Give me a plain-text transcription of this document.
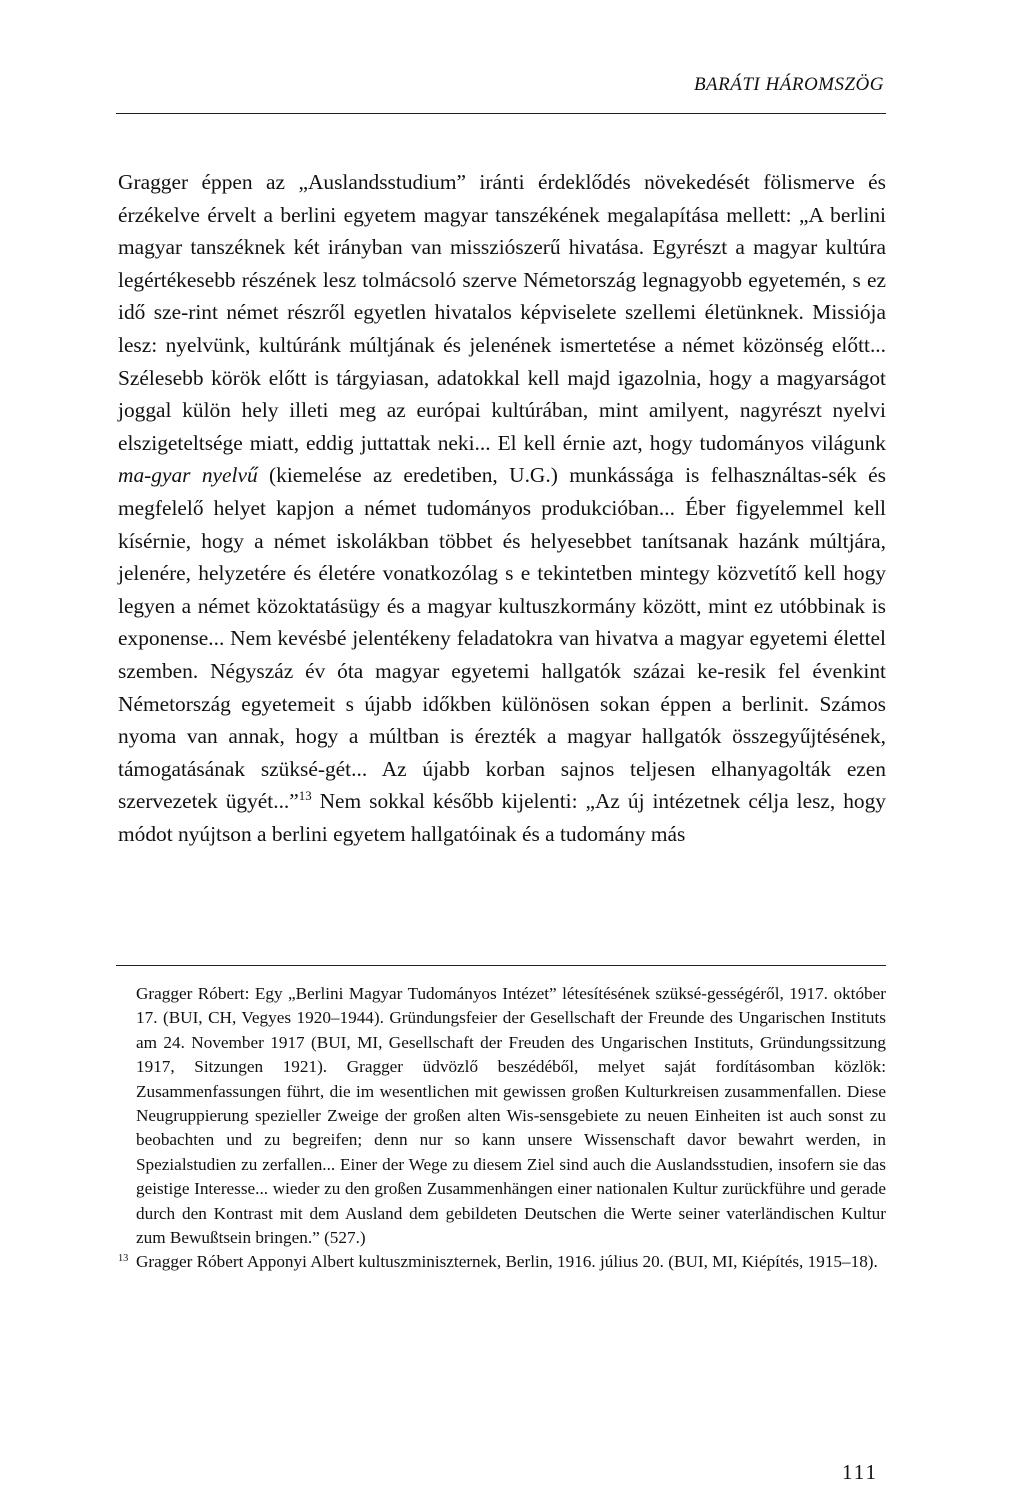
BARÁTI HÁROMSZÖG

Gragger éppen az „Auslandsstudium” iránti érdeklődés növekedését fölismerve és érzékelve érvelt a berlini egyetem magyar tanszékének megalapítása mellett: „A berlini magyar tanszéknek két irányban van missziószerű hivatása. Egyrészt a magyar kultúra legértékesebb részének lesz tolmácsoló szerve Németország legnagyobb egyetemén, s ez idő sze-rint német részről egyetlen hivatalos képviselete szellemi életünknek. Missiója lesz: nyelvünk, kultúránk múltjának és jelenének ismertetése a német közönség előtt... Szélesebb körök előtt is tárgyiasan, adatokkal kell majd igazolnia, hogy a magyarságot joggal külön hely illeti meg az európai kultúrában, mint amilyent, nagyrészt nyelvi elszigeteltsége miatt, eddig juttattak neki... El kell érnie azt, hogy tudományos világunk ma-gyar nyelvű (kiemelése az eredetiben, U.G.) munkássága is felhasználtas-sék és megfelelő helyet kapjon a német tudományos produkcióban... Éber figyelemmel kell kísérnie, hogy a német iskolákban többet és helyesebbet tanítsanak hazánk múltjára, jelenére, helyzetére és életére vonatkozólag s e tekintetben mintegy közvetítő kell hogy legyen a német közoktatásügy és a magyar kultuszkormány között, mint ez utóbbinak is exponense... Nem kevésbé jelentékeny feladatokra van hivatva a magyar egyetemi élettel szemben. Négyszáz év óta magyar egyetemi hallgatók százai ke-resik fel évenkint Németország egyetemeit s újabb időkben különösen sokan éppen a berlinit. Számos nyoma van annak, hogy a múltban is érezték a magyar hallgatók összegyűjtésének, támogatásának szüksé-gét... Az újabb korban sajnos teljesen elhanyagolták ezen szervezetek ügyét...”$^{13}$ Nem sokkal később kijelenti: „Az új intézetnek célja lesz, hogy módot nyújtson a berlini egyetem hallgatóinak és a tudomány más

Gragger Róbert: Egy „Berlini Magyar Tudományos Intézet” létesítésének szüksé-gességéről, 1917. október 17. (BUI, CH, Vegyes 1920–1944). Gründungsfeier der Gesellschaft der Freunde des Ungarischen Instituts am 24. November 1917 (BUI, MI, Gesellschaft der Freuden des Ungarischen Instituts, Gründungssitzung 1917, Sitzungen 1921). Gragger üdvözlő beszédéből, melyet saját fordításomban közlök: Zusammenfassungen führt, die im wesentlichen mit gewissen großen Kulturkreisen zusammenfallen. Diese Neugruppierung spezieller Zweige der großen alten Wis-sensgebiete zu neuen Einheiten ist auch sonst zu beobachten und zu begreifen; denn nur so kann unsere Wissenschaft davor bewahrt werden, in Spezialstudien zu zerfallen... Einer der Wege zu diesem Ziel sind auch die Auslandsstudien, insofern sie das geistige Interesse... wieder zu den großen Zusammenhängen einer nationalen Kultur zurückführe und gerade durch den Kontrast mit dem Ausland dem gebildeten Deutschen die Werte seiner vaterländischen Kultur zum Bewußtsein bringen.” (527.)

$^{13}$ Gragger Róbert Apponyi Albert kultuszminiszternek, Berlin, 1916. július 20. (BUI, MI, Kiépítés, 1915–18).

111
